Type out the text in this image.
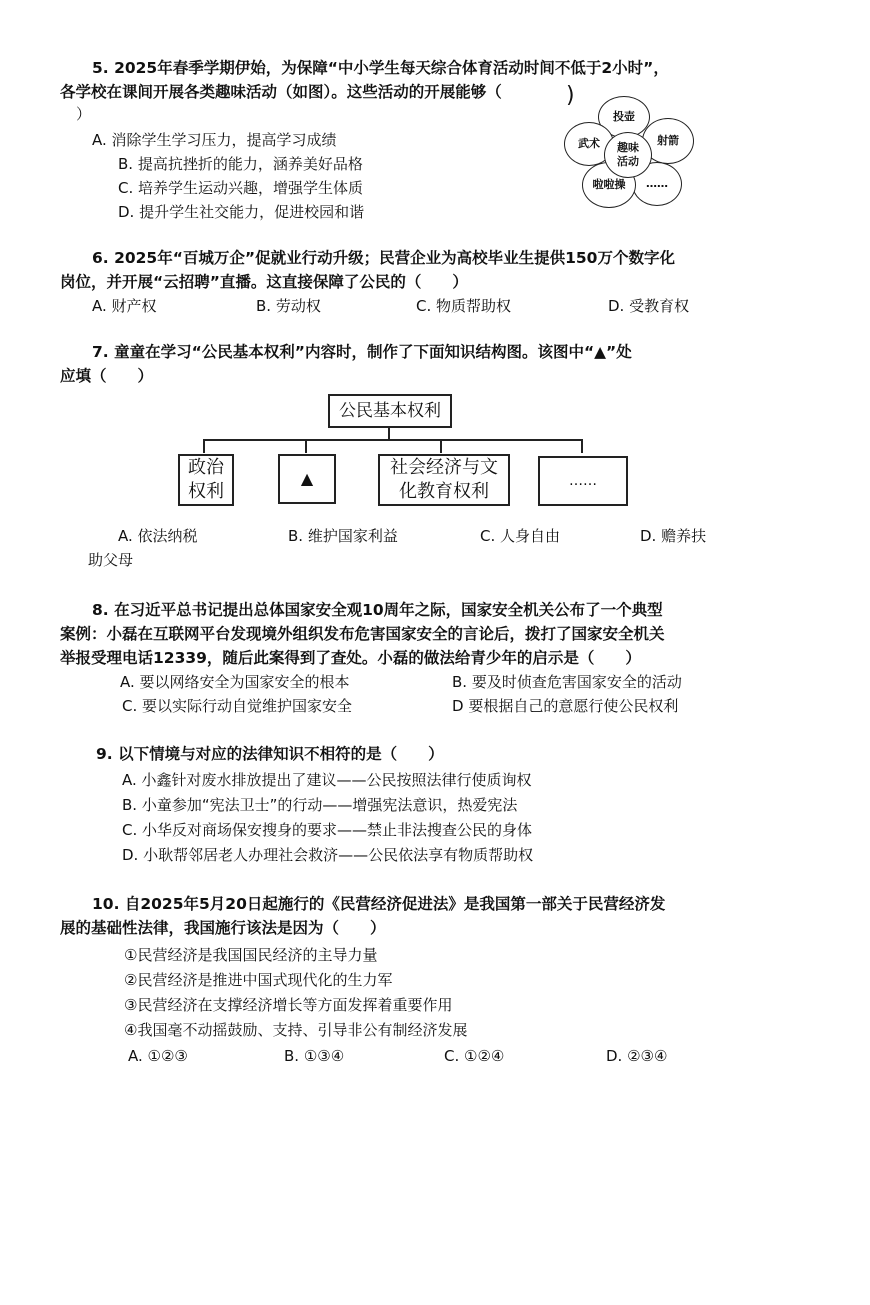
5. 2025年春季学期伊始，为保障“中小学生每天综合体育活动时间不低于2小时”，
各学校在课间开展各类趣味活动（如图）。这些活动的开展能够（	)
）
A. 消除学生学习压力，提高学习成绩
B. 提高抗挫折的能力，涵养美好品格
C. 培养学生运动兴趣，增强学生体质
D. 提升学生社交能力，促进校园和谐
投壶
射箭
……
啦啦操
武术	趣味
活动
6. 2025年“百城万企”促就业行动升级；民营企业为高校毕业生提供150万个数字化
岗位，并开展“云招聘”直播。这直接保障了公民的（　　）
A. 财产权	B. 劳动权	C. 物质帮助权	D. 受教育权
7. 童童在学习“公民基本权利”内容时，制作了下面知识结构图。该图中“▲”处
应填（　　）
公民基本权利
政治
权利
▲
社会经济与文
化教育权利	……
A. 依法纳税	B. 维护国家利益	C. 人身自由	D. 赡养扶
助父母
8. 在习近平总书记提出总体国家安全观10周年之际，国家安全机关公布了一个典型
案例：小磊在互联网平台发现境外组织发布危害国家安全的言论后，拨打了国家安全机关
举报受理电话12339，随后此案得到了查处。小磊的做法给青少年的启示是（　　）
A. 要以网络安全为国家安全的根本	B. 要及时侦查危害国家安全的活动
C. 要以实际行动自觉维护国家安全	D 要根据自己的意愿行使公民权利
9. 以下情境与对应的法律知识不相符的是（　　）
A. 小鑫针对废水排放提出了建议——公民按照法律行使质询权
B. 小童参加“宪法卫士”的行动——增强宪法意识，热爱宪法
C. 小华反对商场保安搜身的要求——禁止非法搜查公民的身体
D. 小耿帮邻居老人办理社会救济——公民依法享有物质帮助权
10. 自2025年5月20日起施行的《民营经济促进法》是我国第一部关于民营经济发
展的基础性法律，我国施行该法是因为（　　）
①民营经济是我国国民经济的主导力量
②民营经济是推进中国式现代化的生力军
③民营经济在支撑经济增长等方面发挥着重要作用
④我国毫不动摇鼓励、支持、引导非公有制经济发展
A. ①②③	B. ①③④	C. ①②④	D. ②③④
